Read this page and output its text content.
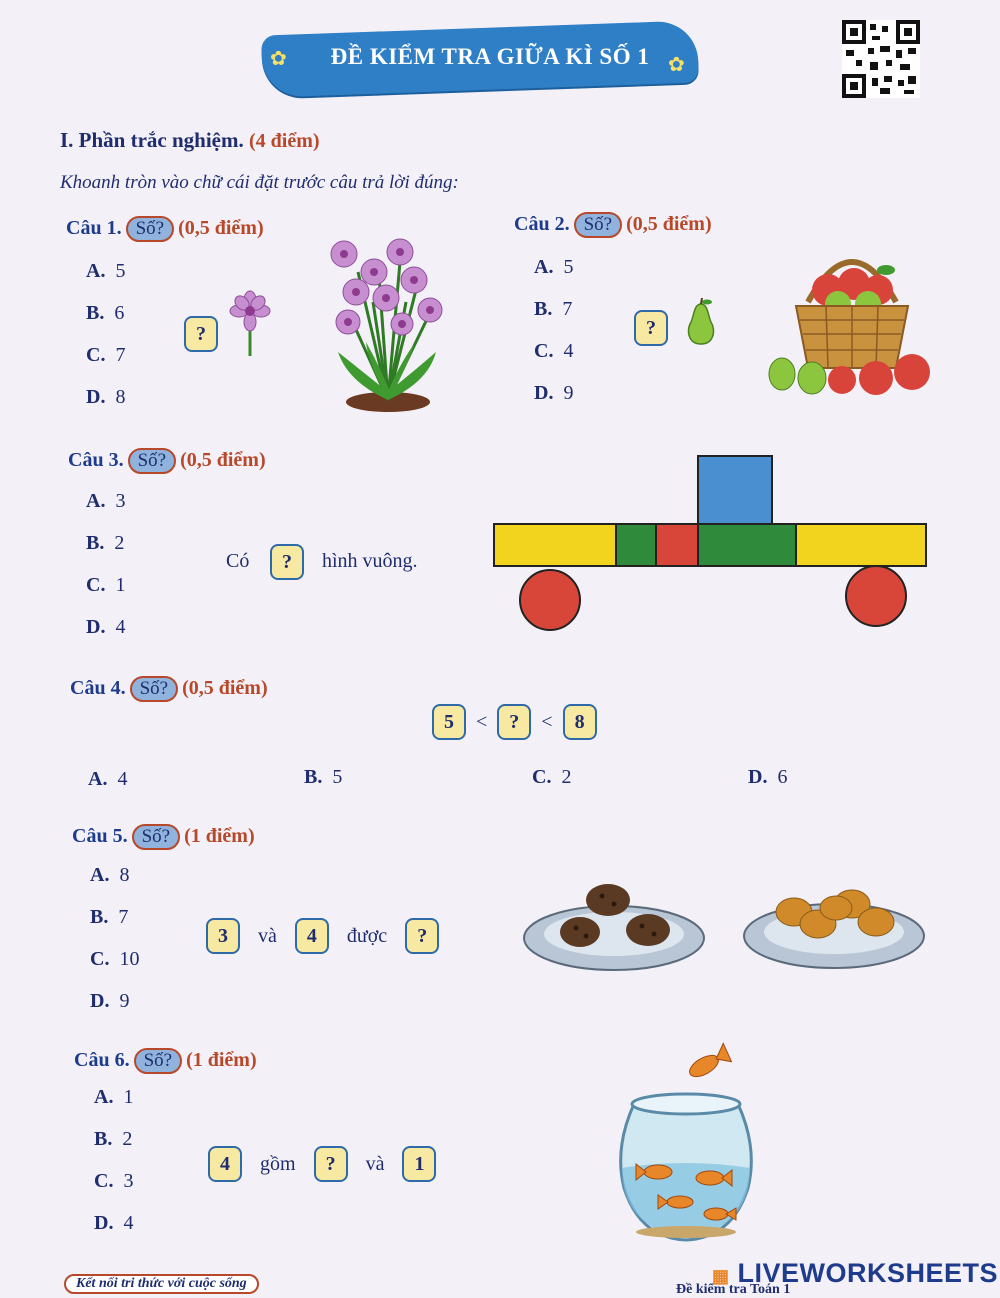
✿	ĐỀ KIỂM TRA GIỮA KÌ SỐ 1 ✿
I. Phần trắc nghiệm. (4 điểm)
Khoanh tròn vào chữ cái đặt trước câu trả lời đúng:
Câu 1. Số? (0,5 điểm)
A. 5
B. 6
C. 7
D. 8
?
Câu 2. Số? (0,5 điểm)
A. 5
B. 7
C. 4
D. 9
?
Câu 3. Số? (0,5 điểm)
A. 3
B. 2
C. 1
D. 4
Có	?	hình vuông.
Câu 4. Số? (0,5 điểm)
5 < ? < 8
A. 4	B. 5	C. 2	D. 6
Câu 5. Số? (1 điểm)
A. 8
B. 7
C. 10
D. 9
3 và 4 được ?
Câu 6. Số? (1 điểm)
A. 1
B. 2
C. 3
D. 4
4 gồm ? và 1
Kết nối tri thức với cuộc sống	Đề kiểm tra Toán 1
▦ LIVEWORKSHEETS
